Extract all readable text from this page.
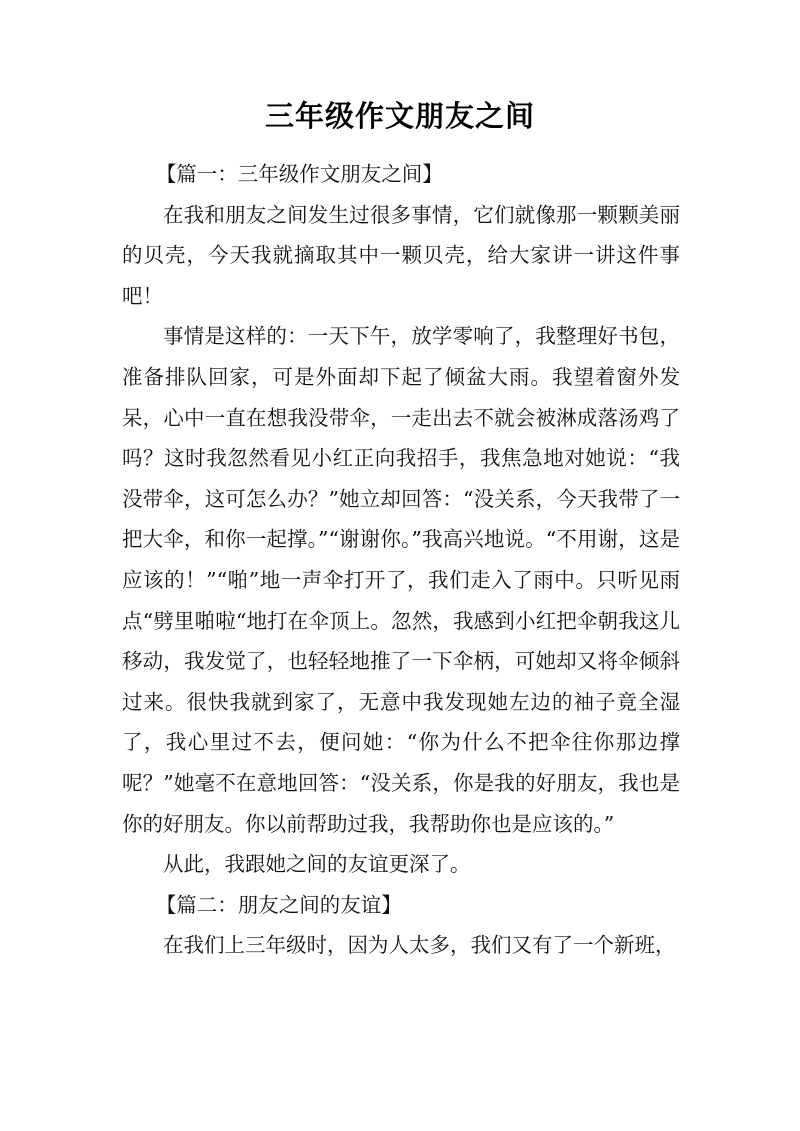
三年级作文朋友之间

【篇一：三年级作文朋友之间】

在我和朋友之间发生过很多事情，它们就像那一颗颗美丽的贝壳，今天我就摘取其中一颗贝壳，给大家讲一讲这件事吧！

事情是这样的：一天下午，放学零响了，我整理好书包，准备排队回家，可是外面却下起了倾盆大雨。我望着窗外发呆，心中一直在想我没带伞，一走出去不就会被淋成落汤鸡了吗？这时我忽然看见小红正向我招手，我焦急地对她说：“我没带伞，这可怎么办？”她立却回答：“没关系，今天我带了一把大伞，和你一起撑。”“谢谢你。”我高兴地说。“不用谢，这是应该的！”“啪”地一声伞打开了，我们走入了雨中。只听见雨点“劈里啪啦“地打在伞顶上。忽然，我感到小红把伞朝我这儿移动，我发觉了，也轻轻地推了一下伞柄，可她却又将伞倾斜过来。很快我就到家了，无意中我发现她左边的袖子竟全湿了，我心里过不去，便问她：“你为什么不把伞往你那边撑呢？”她毫不在意地回答：“没关系，你是我的好朋友，我也是你的好朋友。你以前帮助过我，我帮助你也是应该的。”

从此，我跟她之间的友谊更深了。

【篇二：朋友之间的友谊】

在我们上三年级时，因为人太多，我们又有了一个新班，
